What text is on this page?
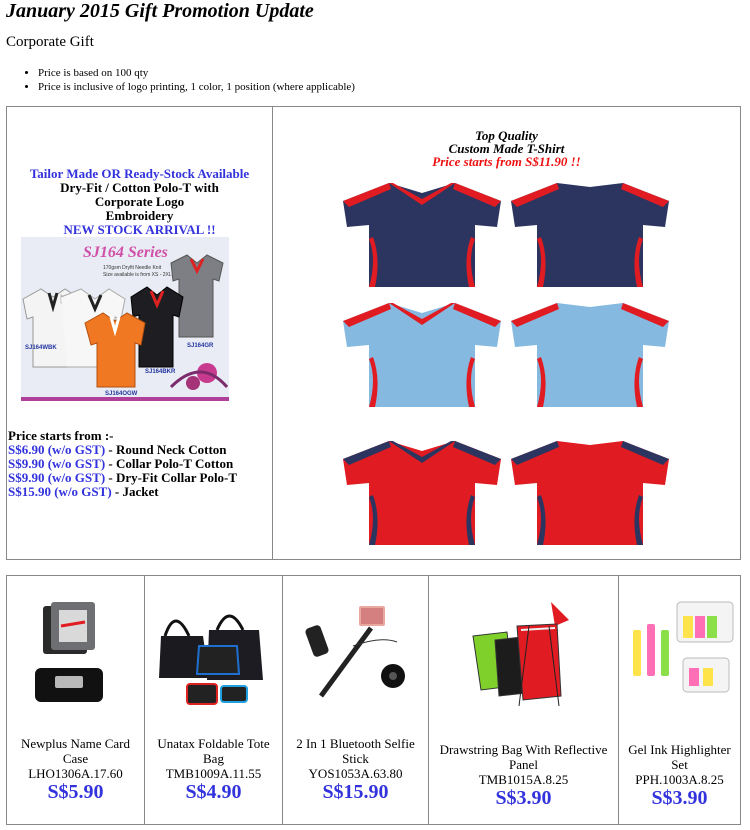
January 2015 Gift Promotion Update
Corporate Gift
• Price is based on 100 qty
• Price is inclusive of logo printing, 1 color, 1 position (where applicable)
Tailor Made OR Ready-Stock Available
Dry-Fit / Cotton Polo-T with
Corporate Logo
Embroidery
NEW STOCK ARRIVAL !!
SJ164 Series
170gsm Dryfit Needle Knit
Size available is from XS - 2XL
SJ164WBK	SJ164GR
SJ164BKR
SJ164OGW
Price starts from :-
S$6.90 (w/o GST) - Round Neck Cotton
S$9.90 (w/o GST) - Collar Polo-T Cotton
S$9.90 (w/o GST) - Dry-Fit Collar Polo-T
S$15.90 (w/o GST) - Jacket
Top Quality
Custom Made T-Shirt
Price starts from S$11.90 !!
Newplus Name Card Case
LHO1306A.17.60
S$5.90
Unatax Foldable Tote Bag
TMB1009A.11.55
S$4.90
2 In 1 Bluetooth Selfie Stick
YOS1053A.63.80
S$15.90
Drawstring Bag With Reflective Panel
TMB1015A.8.25
S$3.90
Gel Ink Highlighter Set
PPH.1003A.8.25
S$3.90
